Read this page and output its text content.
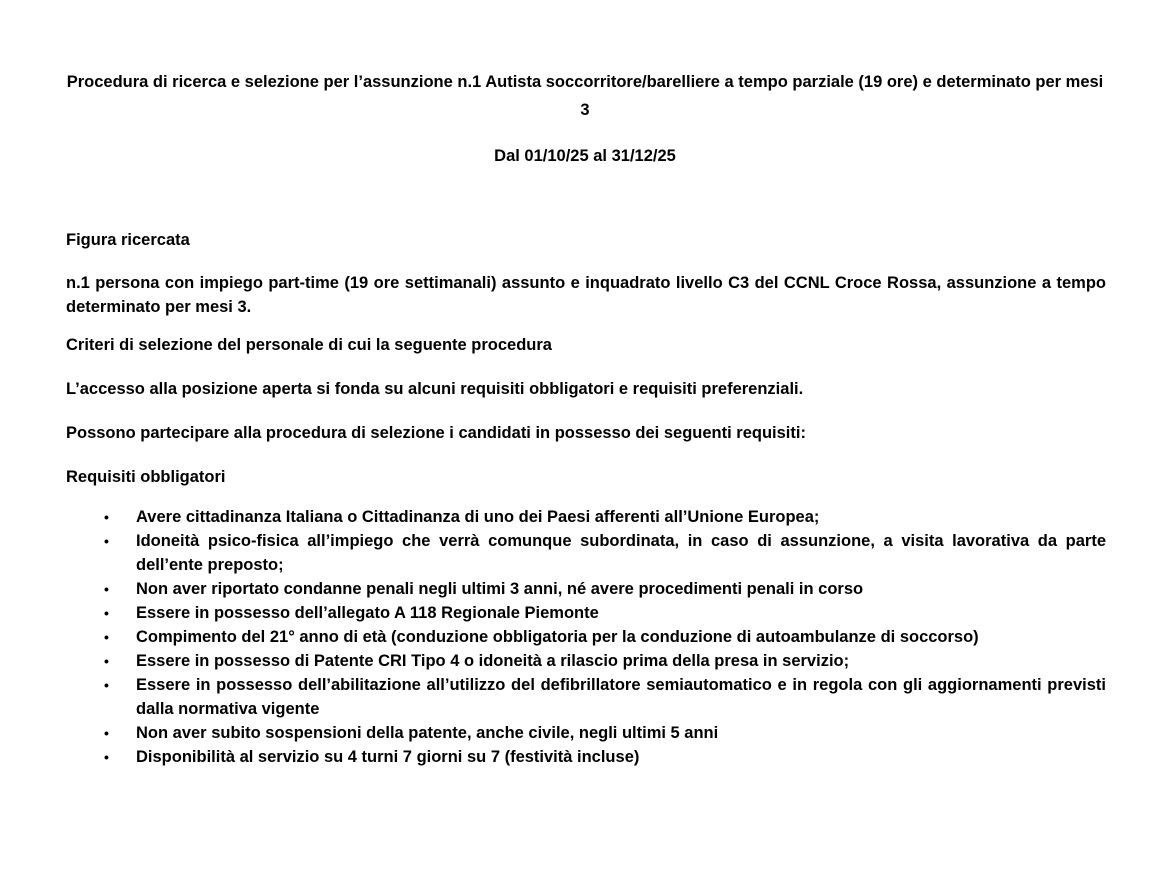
Procedura di ricerca e selezione per l’assunzione n.1 Autista soccorritore/barelliere a tempo parziale (19 ore) e determinato per mesi 3
Dal 01/10/25 al 31/12/25

Figura ricercata

n.1 persona con impiego part-time (19 ore settimanali) assunto e inquadrato livello C3 del CCNL Croce Rossa, assunzione a tempo determinato per mesi 3.

Criteri di selezione del personale di cui la seguente procedura

L’accesso alla posizione aperta si fonda su alcuni requisiti obbligatori e requisiti preferenziali.

Possono partecipare alla procedura di selezione i candidati in possesso dei seguenti requisiti:

Requisiti obbligatori

• Avere cittadinanza Italiana o Cittadinanza di uno dei Paesi afferenti all’Unione Europea;
• Idoneità psico-fisica all’impiego che verrà comunque subordinata, in caso di assunzione, a visita lavorativa da parte dell’ente preposto;
• Non aver riportato condanne penali negli ultimi 3 anni, né avere procedimenti penali in corso
• Essere in possesso dell’allegato A 118 Regionale Piemonte
• Compimento del 21° anno di età (conduzione obbligatoria per la conduzione di autoambulanze di soccorso)
• Essere in possesso di Patente CRI Tipo 4 o idoneità a rilascio prima della presa in servizio;
• Essere in possesso dell’abilitazione all’utilizzo del defibrillatore semiautomatico e in regola con gli aggiornamenti previsti dalla normativa vigente
• Non aver subito sospensioni della patente, anche civile, negli ultimi 5 anni
• Disponibilità al servizio su 4 turni 7 giorni su 7 (festività incluse)
